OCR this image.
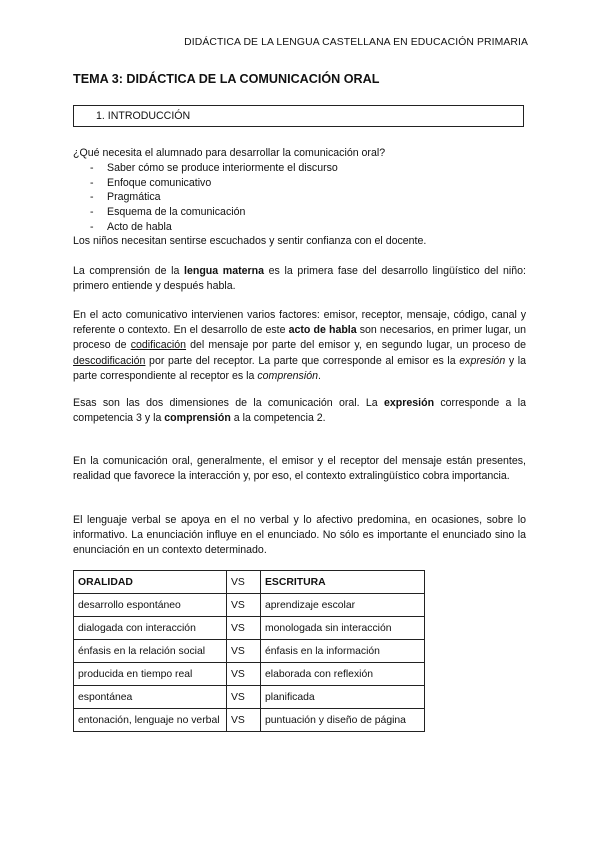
DIDÁCTICA DE LA LENGUA CASTELLANA EN EDUCACIÓN PRIMARIA
TEMA 3: DIDÁCTICA DE LA COMUNICACIÓN ORAL
1. INTRODUCCIÓN
¿Qué necesita el alumnado para desarrollar la comunicación oral?
- Saber cómo se produce interiormente el discurso
- Enfoque comunicativo
- Pragmática
- Esquema de la comunicación
- Acto de habla
Los niños necesitan sentirse escuchados y sentir confianza con el docente.
La comprensión de la lengua materna es la primera fase del desarrollo lingüístico del niño: primero entiende y después habla.
En el acto comunicativo intervienen varios factores: emisor, receptor, mensaje, código, canal y referente o contexto. En el desarrollo de este acto de habla son necesarios, en primer lugar, un proceso de codificación del mensaje por parte del emisor y, en segundo lugar, un proceso de descodificación por parte del receptor. La parte que corresponde al emisor es la expresión y la parte correspondiente al receptor es la comprensión.
Esas son las dos dimensiones de la comunicación oral. La expresión corresponde a la competencia 3 y la comprensión a la competencia 2.
En la comunicación oral, generalmente, el emisor y el receptor del mensaje están presentes, realidad que favorece la interacción y, por eso, el contexto extralingüístico cobra importancia.
El lenguaje verbal se apoya en el no verbal y lo afectivo predomina, en ocasiones, sobre lo informativo. La enunciación influye en el enunciado. No sólo es importante el enunciado sino la enunciación en un contexto determinado.
ORALIDAD	VS	ESCRITURA
desarrollo espontáneo	VS	aprendizaje escolar
dialogada con interacción	VS	monologada sin interacción
énfasis en la relación social	VS	énfasis en la información
producida en tiempo real	VS	elaborada con reflexión
espontánea	VS	planificada
entonación, lenguaje no verbal	VS	puntuación y diseño de página
